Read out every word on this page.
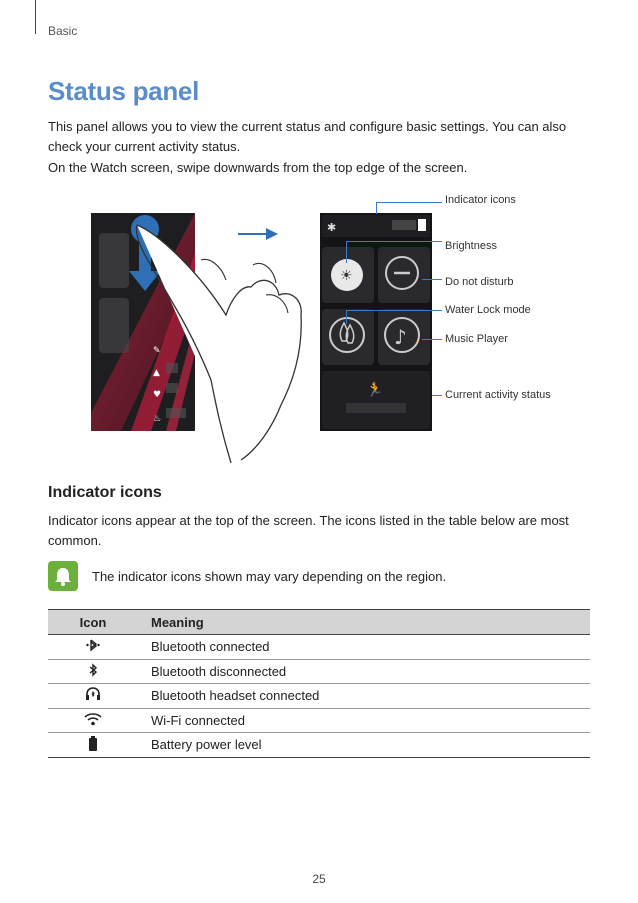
Basic
Status panel
This panel allows you to view the current status and configure basic settings. You can also
check your current activity status.
On the Watch screen, swipe downwards from the top edge of the screen.
✎
▲
♥
♨
✱
☀
♪
🏃
Indicator icons
Brightness
Do not disturb
Water Lock mode
Music Player
Current activity status
Indicator icons
Indicator icons appear at the top of the screen. The icons listed in the table below are most
common.
The indicator icons shown may vary depending on the region.
Icon	Meaning
	Bluetooth connected
	Bluetooth disconnected
	Bluetooth headset connected
	Wi-Fi connected
	Battery power level
25
